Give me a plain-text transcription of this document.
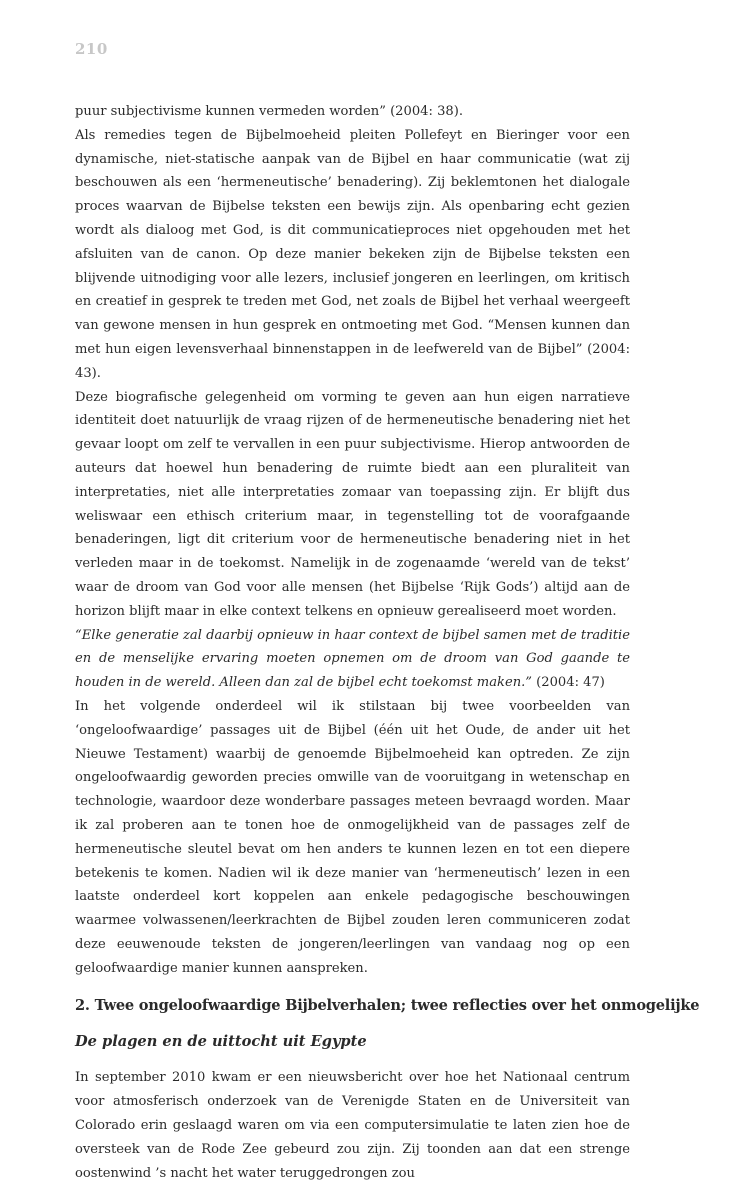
210

puur subjectivisme kunnen vermeden worden” (2004: 38).

Als remedies tegen de Bijbelmoeheid pleiten Pollefeyt en Bieringer voor een dynamische, niet-statische aanpak van de Bijbel en haar communicatie (wat zij beschouwen als een ‘hermeneutische’ benadering). Zij beklemtonen het dialogale proces waarvan de Bijbelse teksten een bewijs zijn. Als openbaring echt gezien wordt als dialoog met God, is dit communicatieproces niet opgehouden met het afsluiten van de canon. Op deze manier bekeken zijn de Bijbelse teksten een blijvende uitnodiging voor alle lezers, inclusief jongeren en leerlingen, om kritisch en creatief in gesprek te treden met God, net zoals de Bijbel het verhaal weergeeft van gewone mensen in hun gesprek en ontmoeting met God. “Mensen kunnen dan met hun eigen levensverhaal binnenstappen in de leefwereld van de Bijbel” (2004: 43).

Deze biografische gelegenheid om vorming te geven aan hun eigen narratieve identiteit doet natuurlijk de vraag rijzen of de hermeneutische benadering niet het gevaar loopt om zelf te vervallen in een puur subjectivisme. Hierop antwoorden de auteurs dat hoewel hun benadering de ruimte biedt aan een pluraliteit van interpretaties, niet alle interpretaties zomaar van toepassing zijn. Er blijft dus weliswaar een ethisch criterium maar, in tegenstelling tot de voorafgaande benaderingen, ligt dit criterium voor de hermeneutische benadering niet in het verleden maar in de toekomst. Namelijk in de zogenaamde ‘wereld van de tekst’ waar de droom van God voor alle mensen (het Bijbelse ‘Rijk Gods’) altijd aan de horizon blijft maar in elke context telkens en opnieuw gerealiseerd moet worden.

“Elke generatie zal daarbij opnieuw in haar context de bijbel samen met de traditie en de menselijke ervaring moeten opnemen om de droom van God gaande te houden in de wereld. Alleen dan zal de bijbel echt toekomst maken.” (2004: 47)

In het volgende onderdeel wil ik stilstaan bij twee voorbeelden van ‘ongeloofwaardige’ passages uit de Bijbel (één uit het Oude, de ander uit het Nieuwe Testament) waarbij de genoemde Bijbelmoeheid kan optreden. Ze zijn ongeloofwaardig geworden precies omwille van de vooruitgang in wetenschap en technologie, waardoor deze wonderbare passages meteen bevraagd worden. Maar ik zal proberen aan te tonen hoe de onmogelijkheid van de passages zelf de hermeneutische sleutel bevat om hen anders te kunnen lezen en tot een diepere betekenis te komen. Nadien wil ik deze manier van ‘hermeneutisch’ lezen in een laatste onderdeel kort koppelen aan enkele pedagogische beschouwingen waarmee volwassenen/leerkrachten de Bijbel zouden leren communiceren zodat deze eeuwenoude teksten de jongeren/leerlingen van vandaag nog op een geloofwaardige manier kunnen aanspreken.

2. Twee ongeloofwaardige Bijbelverhalen; twee reflecties over het onmogelijke
De plagen en de uittocht uit Egypte

In september 2010 kwam er een nieuwsbericht over hoe het Nationaal centrum voor atmosferisch onderzoek van de Verenigde Staten en de Universiteit van Colorado erin geslaagd waren om via een computersimulatie te laten zien hoe de oversteek van de Rode Zee gebeurd zou zijn. Zij toonden aan dat een strenge oostenwind ’s nacht het water teruggedrongen zou
